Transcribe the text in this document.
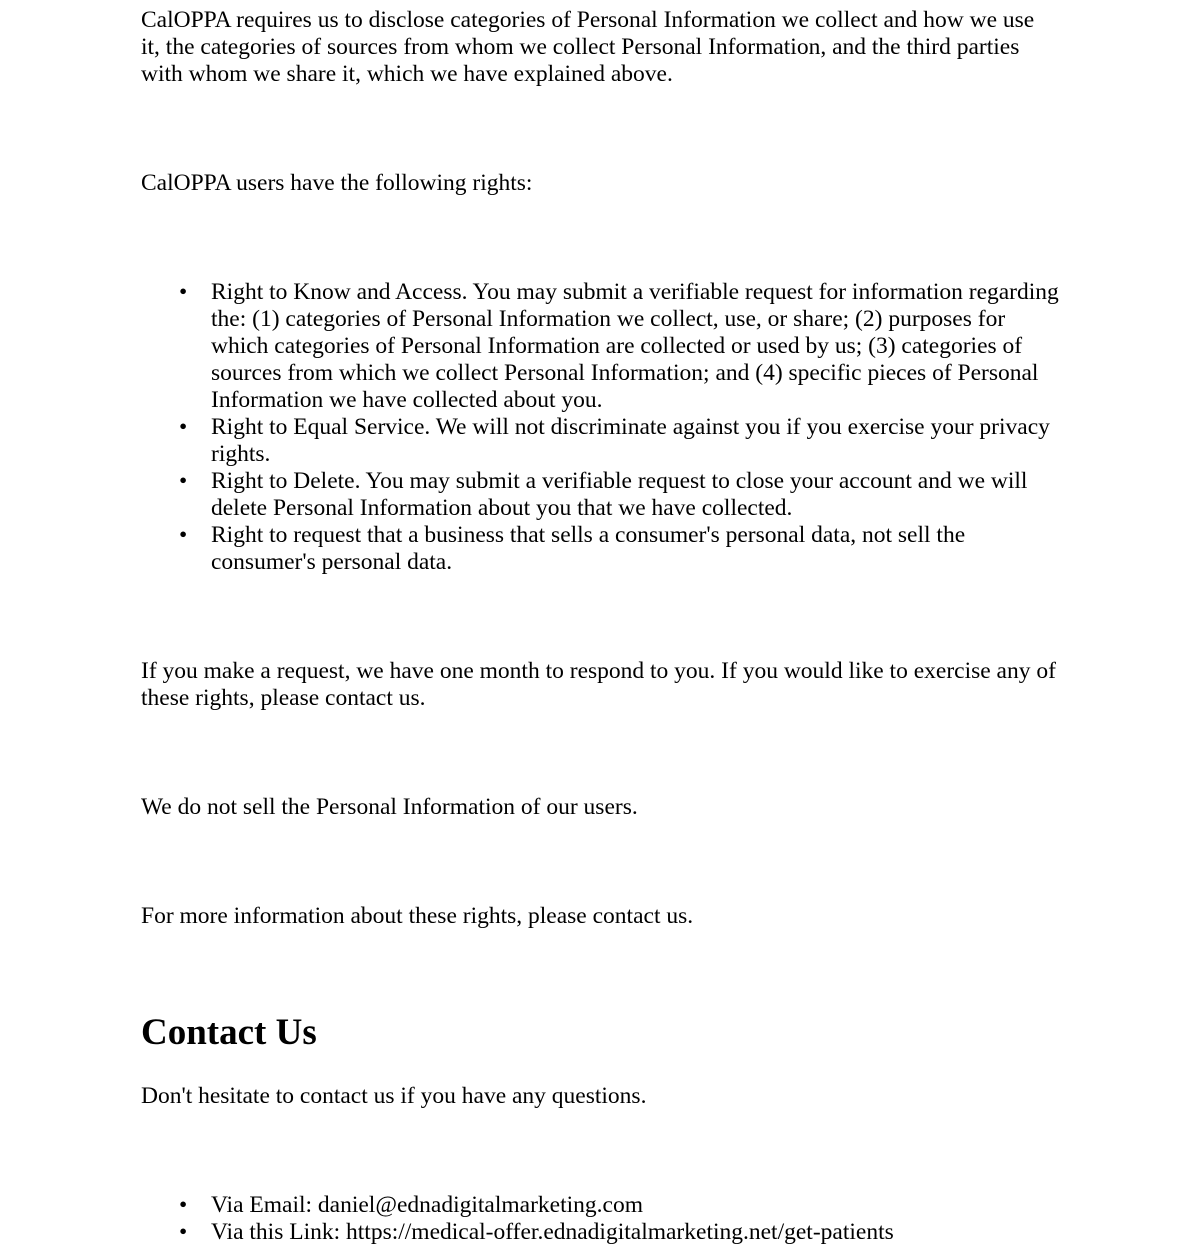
CalOPPA requires us to disclose categories of Personal Information we collect and how we use it, the categories of sources from whom we collect Personal Information, and the third parties with whom we share it, which we have explained above.

CalOPPA users have the following rights:

• Right to Know and Access. You may submit a verifiable request for information regarding the: (1) categories of Personal Information we collect, use, or share; (2) purposes for which categories of Personal Information are collected or used by us; (3) categories of sources from which we collect Personal Information; and (4) specific pieces of Personal Information we have collected about you.
• Right to Equal Service. We will not discriminate against you if you exercise your privacy rights.
• Right to Delete. You may submit a verifiable request to close your account and we will delete Personal Information about you that we have collected.
• Right to request that a business that sells a consumer's personal data, not sell the consumer's personal data.

If you make a request, we have one month to respond to you. If you would like to exercise any of these rights, please contact us.

We do not sell the Personal Information of our users.

For more information about these rights, please contact us.

Contact Us

Don't hesitate to contact us if you have any questions.

• Via Email: daniel@ednadigitalmarketing.com
• Via this Link: https://medical-offer.ednadigitalmarketing.net/get-patients
